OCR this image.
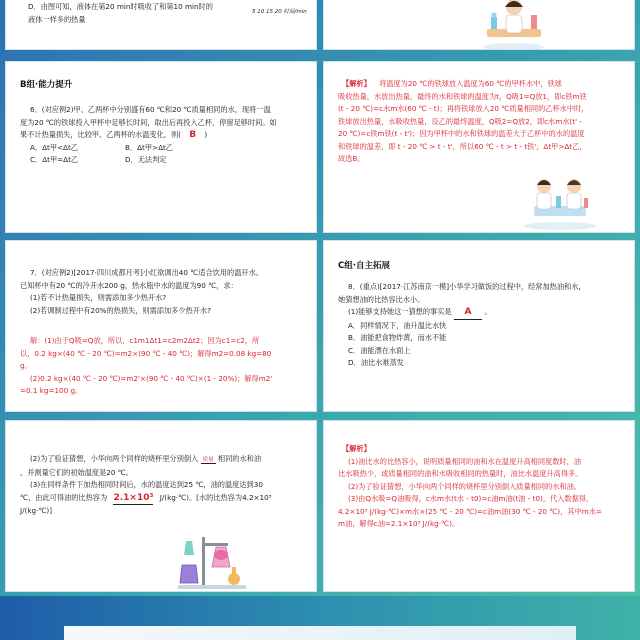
D．由图可知，液体在第20 min时吸收了和第10 min时的
液体一样多的热量
5 10 15 20 时间/min
B组·能力提升
6．(对应例2)甲、乙两杯中分别盛有60 ℃和20 ℃质量相同的水，现将一温
度为20 ℃的铁球投入甲杯中足够长时间，取出后再投入乙杯，停留足够时间。如
果不计热量损失，比较甲、乙两杯的水温变化，则( B )
A．Δt甲<Δt乙	B．Δt甲>Δt乙
C．Δt甲=Δt乙	D．无法判定
【解析】 将温度为20 ℃的铁球放入温度为60 ℃的甲杯水中，铁球
吸收热量，水放出热量，最终的水和铁球的温度为t，Q吸1=Q放1，即c铁m铁
(t - 20 ℃)=c水m水(60 ℃ - t)；再将铁球放入20 ℃质量相同的乙杯水中时，
铁球放出热量，水吸收热量，设乙的最终温度，Q吸2=Q放2，即c水m水(t' -
20 ℃)=c铁m铁(t - t')；因为甲杯中的水和铁球的温差大于乙杯中的水的温度
和铁球的温差，即 t - 20 ℃ > t - t'，所以60 ℃ - t > t - t铁'，Δt甲>Δt乙，
故选B。
7．(对应例2)[2017·四川成都月考]小红欲调出40 ℃适合饮用的温开水。
已知杯中有20 ℃的冷开水200 g，热水瓶中水的温度为90 ℃，求：
(1)若不计热量损失，则需添加多少热开水?
(2)若调制过程中有20%的热损失，则需添加多少热开水?
解：(1)由于Q吸=Q放，所以，c1m1Δt1=c2m2Δt2；因为c1=c2，所
以，0.2 kg×(40 ℃ - 20 ℃)=m2×(90 ℃ - 40 ℃)；解得m2=0.08 kg=80
g。
(2)0.2 kg×(40 ℃ - 20 ℃)=m2'×(90 ℃ - 40 ℃)×(1 - 20%)；解得m2'
=0.1 kg=100 g。
C组·自主拓展
8．(重点)[2017·江苏南京一模]小华学习做饭的过程中，经常加热油和水，
她猜想油的比热容比水小。
(1)能够支持她这一猜想的事实是 A 。
A．同样情况下，油升温比水快
B．油能把食物炸黄，而水不能
C．油能漂在水面上
D．油比水难蒸发
(2)为了验证猜想，小华向两个同样的烧杯里分别倒入 质量 相同的水和油
，并测量它们的初始温度是20 ℃。
(3)在同样条件下加热相同时间后，水的温度达到25 ℃，油的温度达到30
℃，由此可得油的比热容为 2.1×10³ J/(kg·℃)。[水的比热容为4.2×10³
J/(kg·℃)]
【解析】
(1)油比水的比热容小，说明质量相同的油和水在温度升高相同度数时，油
比水吸热少，或质量相同的油和水吸收相同的热量时，油比水温度升高得多。
(2)为了验证猜想，小华向两个同样的烧杯里分别倒入质量相同的水和油。
(3)由Q水吸=Q油吸得，c水m水(t水 - t0)=c油m油(t油 - t0)，代入数据得，
4.2×10³ J/(kg·℃)×m水×(25 ℃ - 20 ℃)=c油m油(30 ℃ - 20 ℃)，其中m水=
m油，解得c油=2.1×10³ J/(kg·℃)。
